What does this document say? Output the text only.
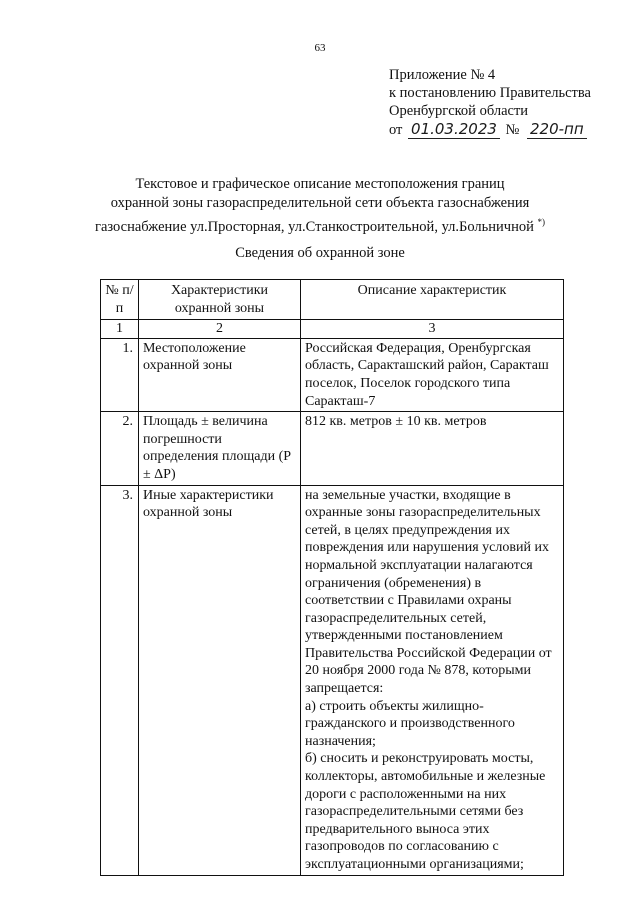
63
Приложение № 4
к постановлению Правительства
Оренбургской области
от 01.03.2023 № 220-пп
Текстовое и графическое описание местоположения границ
охранной зоны газораспределительной сети объекта газоснабжения
газоснабжение ул.Просторная, ул.Станкостроительной, ул.Больничной *)
Сведения об охранной зоне
№ п/п	Характеристики охранной зоны	Описание характеристик
1	2	3
1.	Местоположение охранной зоны	Российская Федерация, Оренбургская область, Саракташский район, Саракташ поселок, Поселок городского типа Саракташ-7
2.	Площадь ± величина погрешности определения площади (P ± ΔP)	812 кв. метров ± 10 кв. метров
3.	Иные характеристики охранной зоны	на земельные участки, входящие в охранные зоны газораспределительных сетей, в целях предупреждения их повреждения или нарушения условий их нормальной эксплуатации налагаются ограничения (обременения) в соответствии с Правилами охраны газораспределительных сетей, утвержденными постановлением Правительства Российской Федерации от 20 ноября 2000 года № 878, которыми запрещается:
а) строить объекты жилищно-гражданского и производственного назначения;
б) сносить и реконструировать мосты, коллекторы, автомобильные и железные дороги с расположенными на них газораспределительными сетями без предварительного выноса этих газопроводов по согласованию с эксплуатационными организациями;
